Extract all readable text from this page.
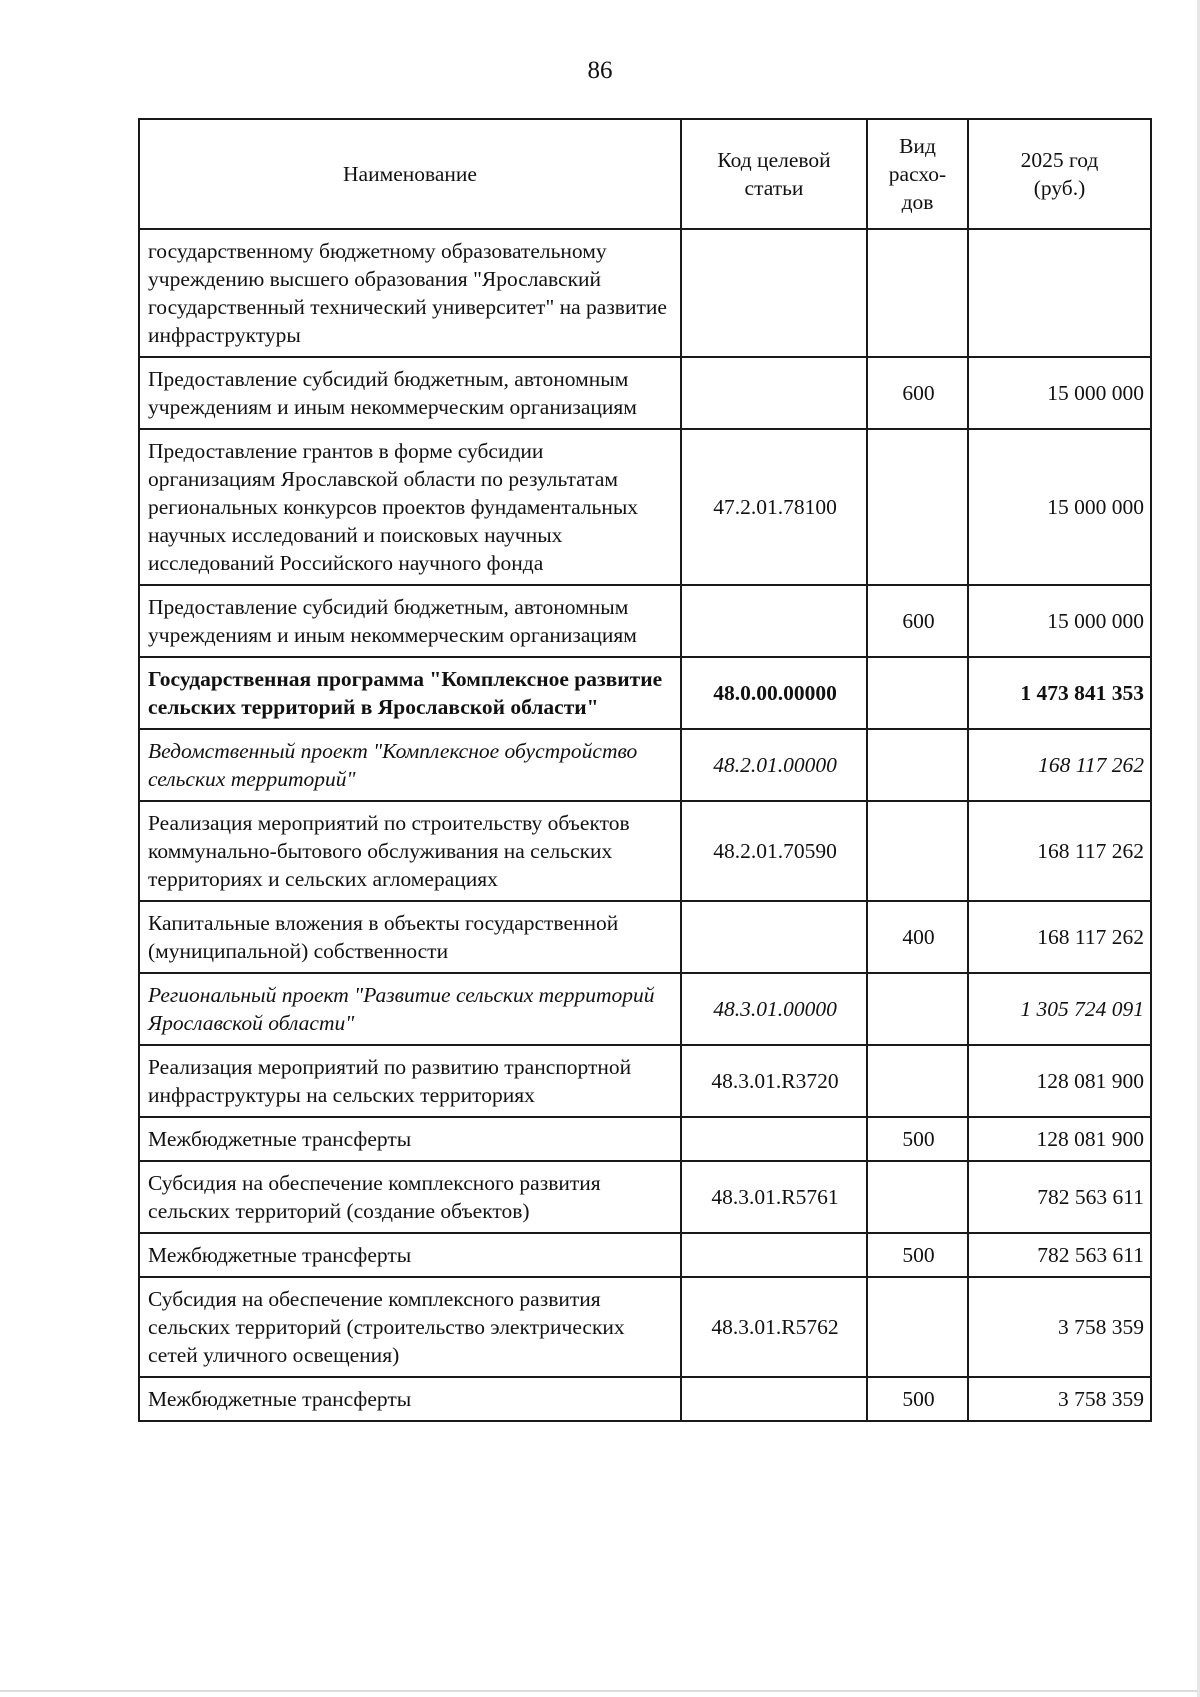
86
Наименование	Код целевой статьи	Вид расхо-дов	2025 год (руб.)

государственному бюджетному образовательному учреждению высшего образования "Ярославский государственный технический университет" на развитие инфраструктуры			
Предоставление субсидий бюджетным, автономным учреждениям и иным некоммерческим организациям		600	15 000 000
Предоставление грантов в форме субсидии организациям Ярославской области по результатам региональных конкурсов проектов фундаментальных научных исследований и поисковых научных исследований Российского научного фонда	47.2.01.78100		15 000 000
Предоставление субсидий бюджетным, автономным учреждениям и иным некоммерческим организациям		600	15 000 000
Государственная программа "Комплексное развитие сельских территорий в Ярославской области"	48.0.00.00000		1 473 841 353
Ведомственный проект "Комплексное обустройство сельских территорий"	48.2.01.00000		168 117 262
Реализация мероприятий по строительству объектов коммунально-бытового обслуживания на сельских территориях и сельских агломерациях	48.2.01.70590		168 117 262
Капитальные вложения в объекты государственной (муниципальной) собственности		400	168 117 262
Региональный проект "Развитие сельских территорий Ярославской области"	48.3.01.00000		1 305 724 091
Реализация мероприятий по развитию транспортной инфраструктуры на сельских территориях	48.3.01.R3720		128 081 900
Межбюджетные трансферты		500	128 081 900
Субсидия на обеспечение комплексного развития сельских территорий (создание объектов)	48.3.01.R5761		782 563 611
Межбюджетные трансферты		500	782 563 611
Субсидия на обеспечение комплексного развития сельских территорий (строительство электрических сетей уличного освещения)	48.3.01.R5762		3 758 359
Межбюджетные трансферты		500	3 758 359
